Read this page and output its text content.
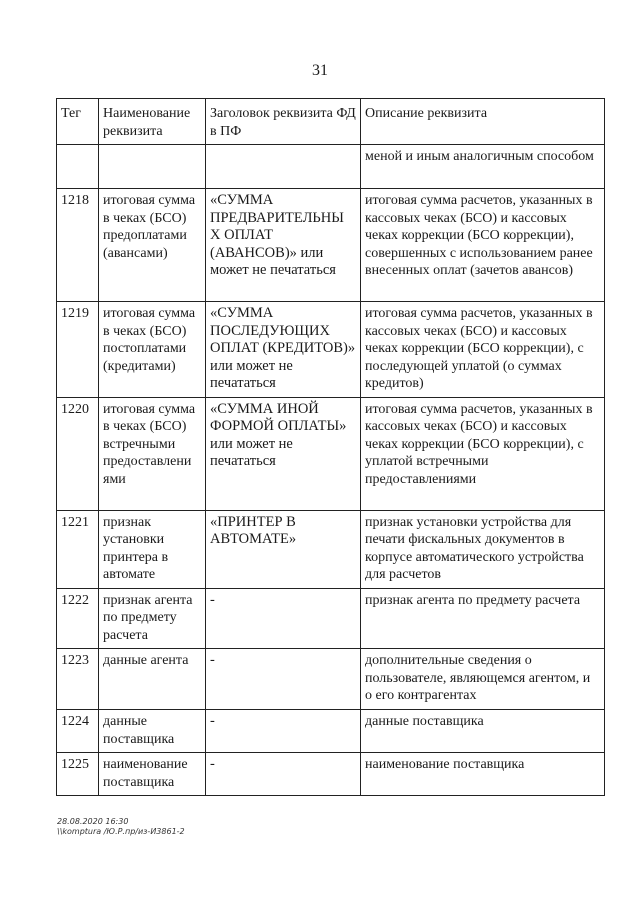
31
Тег	Наименование реквизита	Заголовок реквизита ФД в ПФ	Описание реквизита
			меной и иным аналогичным способом
1218	итоговая сумма в чеках (БСО) предоплатами (авансами)	«СУММА ПРЕДВАРИТЕЛЬНЫ Х ОПЛАТ (АВАНСОВ)» или может не печататься	итоговая сумма расчетов, указанных в кассовых чеках (БСО) и кассовых чеках коррекции (БСО коррекции), совершенных с использованием ранее внесенных оплат (зачетов авансов)
1219	итоговая сумма в чеках (БСО) постоплатами (кредитами)	«СУММА ПОСЛЕДУЮЩИХ ОПЛАТ (КРЕДИТОВ)» или может не печататься	итоговая сумма расчетов, указанных в кассовых чеках (БСО) и кассовых чеках коррекции (БСО коррекции), с последующей уплатой (о суммах кредитов)
1220	итоговая сумма в чеках (БСО) встречными предоставлени ями	«СУММА ИНОЙ ФОРМОЙ ОПЛАТЫ» или может не печататься	итоговая сумма расчетов, указанных в кассовых чеках (БСО) и кассовых чеках коррекции (БСО коррекции), с уплатой встречными предоставлениями
1221	признак установки принтера в автомате	«ПРИНТЕР В АВТОМАТЕ»	признак установки устройства для печати фискальных документов в корпусе автоматического устройства для расчетов
1222	признак агента по предмету расчета	-	признак агента по предмету расчета
1223	данные агента	-	дополнительные сведения о пользователе, являющемся агентом, и о его контрагентах
1224	данные поставщика	-	данные поставщика
1225	наименование поставщика	-	наименование поставщика
28.08.2020 16:30
\\komptura /Ю.Р.пр/из-И3861-2
